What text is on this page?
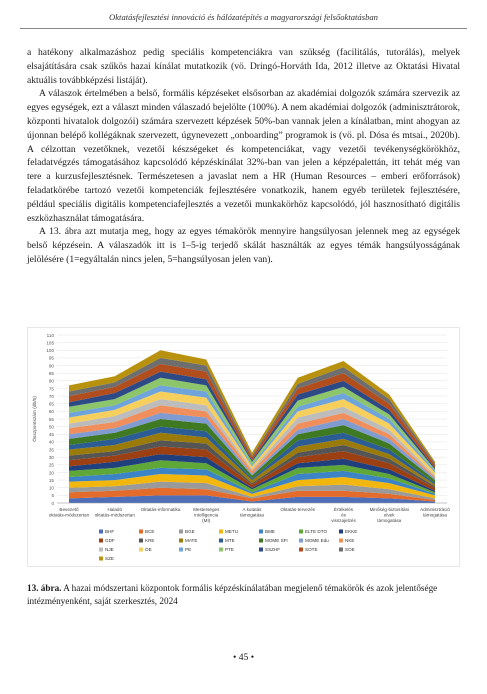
Oktatásfejlesztési innováció és hálózatépítés a magyarországi felsőoktatásban

a hatékony alkalmazáshoz pedig speciális kompetenciákra van szükség (facilitálás, tutorálás), melyek elsajátítására csak szűkös hazai kínálat mutatkozik (vö. Dringó-Horváth Ida, 2012 illetve az Oktatási Hivatal aktuális továbbképzési listáját).

A válaszok értelmében a belső, formális képzéseket elsősorban az akadémiai dolgozók számára szervezik az egyes egységek, ezt a választ minden válaszadó bejelölte (100%). A nem akadémiai dolgozók (adminisztrátorok, központi hivatalok dolgozói) számára szervezett képzések 50%-ban vannak jelen a kínálatban, mint ahogyan az újonnan belépő kollégáknak szervezett, úgynevezett „onboarding” programok is (vö. pl. Dósa és mtsai., 2020b). A célzottan vezetőknek, vezetői készségeket és kompetenciákat, vagy vezetői tevékenységkörökhöz, feladatvégzés támogatásához kapcsolódó képzéskínálat 32%-ban van jelen a képzépalettán, itt tehát még van tere a kurzusfejlesztésnek. Természetesen a javaslat nem a HR (Human Resources – emberi erőforrások) feladatkörébe tartozó vezetői kompetenciák fejlesztésére vonatkozik, hanem egyéb területek fejlesztésére, például speciális digitális kompetenciafejlesztés a vezetői munkakörhöz kapcsolódó, jól hasznosítható digitális eszközhasználat támogatására.

A 13. ábra azt mutatja meg, hogy az egyes témakörök mennyire hangsúlyosan jelennek meg az egységek belső képzésein. A válaszadók itt is 1–5-ig terjedő skálát használták az egyes témák hangsúlyosságának jelölésére (1=egyáltalán nincs jelen, 5=hangsúlyosan jelen van).

0
5
10
15
20
25
30
35
40
45
50
55
60
65
70
75
80
85
90
95
100
105
110
Összpontszám (db/5)
Bevezető oktatás-módszertan
Haladó oktatás-módszertan
Oktatás-informatika	Mesterséges intelligencia (MI)
A kutatás támogatása
Oktatás-tervezés	Értékelés és visszajelzés
Minőség-biztosítási elvek támogatása
Adminisztráció támogatása
BHF	BCE	BGE	METU	BME	ELTE DTO	EKKE
GDF	KRE	MATE	MTE	MOME SFI	MOME Edu	NKE
NJE	ÓE	PE	PTE	SSZHF	SOTE	SOE
SZE
13. ábra. A hazai módszertani központok formális képzéskínálatában megjelenő témakörök és azok jelentősége intézményenként, saját szerkesztés, 2024
• 45 •
